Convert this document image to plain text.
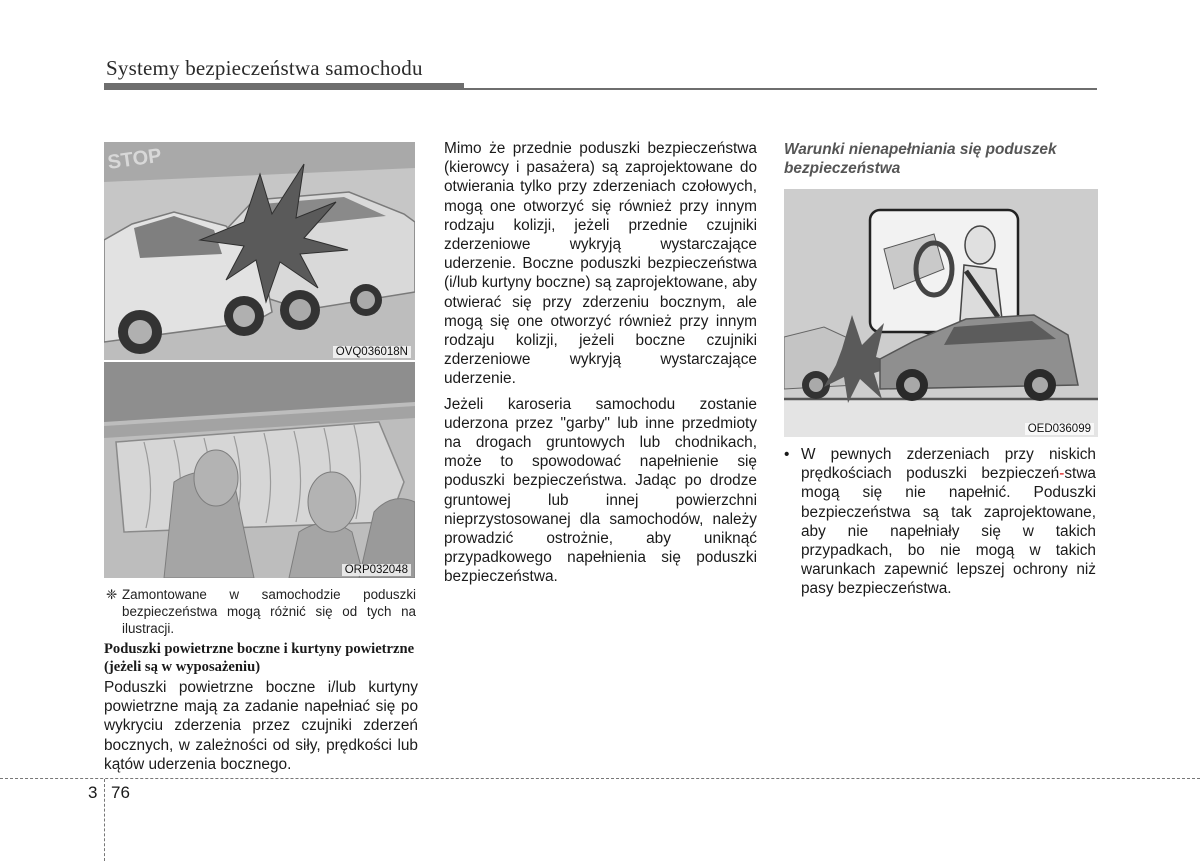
Systemy bezpieczeństwa samochodu
STOP
OVQ036018N
ORP032048
❈ Zamontowane w samochodzie poduszki bezpieczeństwa mogą różnić się od tych na ilustracji.
Poduszki powietrzne boczne i kurtyny powietrzne (jeżeli są w wyposażeniu)

Poduszki powietrzne boczne i/lub kurtyny powietrzne mają za zadanie napełniać się po wykryciu zderzenia przez czujniki zderzeń bocznych, w zależności od siły, prędkości lub kątów uderzenia bocznego.

Mimo że przednie poduszki bezpieczeństwa (kierowcy i pasażera) są zaprojektowane do otwierania tylko przy zderzeniach czołowych, mogą one otworzyć się również przy innym rodzaju kolizji, jeżeli przednie czujniki zderzeniowe wykryją wystarczające uderzenie. Boczne poduszki bezpieczeństwa (i/lub kurtyny boczne) są zaprojektowane, aby otwierać się przy zderzeniu bocznym, ale mogą się one otworzyć również przy innym rodzaju kolizji, jeżeli boczne czujniki zderzeniowe wykryją wystarczające uderzenie.

Jeżeli karoseria samochodu zostanie uderzona przez "garby" lub inne przedmioty na drogach gruntowych lub chodnikach, może to spowodować napełnienie się poduszki bezpieczeństwa. Jadąc po drodze gruntowej lub innej powierzchni nieprzystosowanej dla samochodów, należy prowadzić ostrożnie, aby uniknąć przypadkowego napełnienia się poduszki bezpieczeństwa.

Warunki nienapełniania się poduszek bezpieczeństwa
OED036099
• W pewnych zderzeniach przy niskich prędkościach poduszki bezpieczeń-stwa mogą się nie napełnić. Poduszki bezpieczeństwa są tak zaprojektowane, aby nie napełniały się w takich przypadkach, bo nie mogą w takich warunkach zapewnić lepszej ochrony niż pasy bezpieczeństwa.
3 76
